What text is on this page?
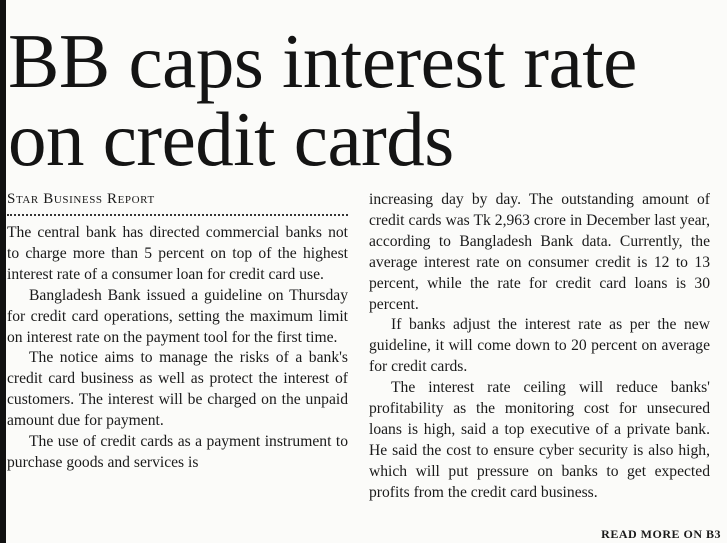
BB caps interest rate
on credit cards

Star Business Report

The central bank has directed commercial banks not to charge more than 5 percent on top of the highest interest rate of a consumer loan for credit card use.

Bangladesh Bank issued a guideline on Thursday for credit card operations, setting the maximum limit on interest rate on the payment tool for the first time.

The notice aims to manage the risks of a bank's credit card business as well as protect the interest of customers. The interest will be charged on the unpaid amount due for payment.

The use of credit cards as a payment instrument to purchase goods and services is

increasing day by day. The outstanding amount of credit cards was Tk 2,963 crore in December last year, according to Bangladesh Bank data. Currently, the average interest rate on consumer credit is 12 to 13 percent, while the rate for credit card loans is 30 percent.

If banks adjust the interest rate as per the new guideline, it will come down to 20 percent on average for credit cards.

The interest rate ceiling will reduce banks' profitability as the monitoring cost for unsecured loans is high, said a top executive of a private bank. He said the cost to ensure cyber security is also high, which will put pressure on banks to get expected profits from the credit card business.

READ MORE ON B3
